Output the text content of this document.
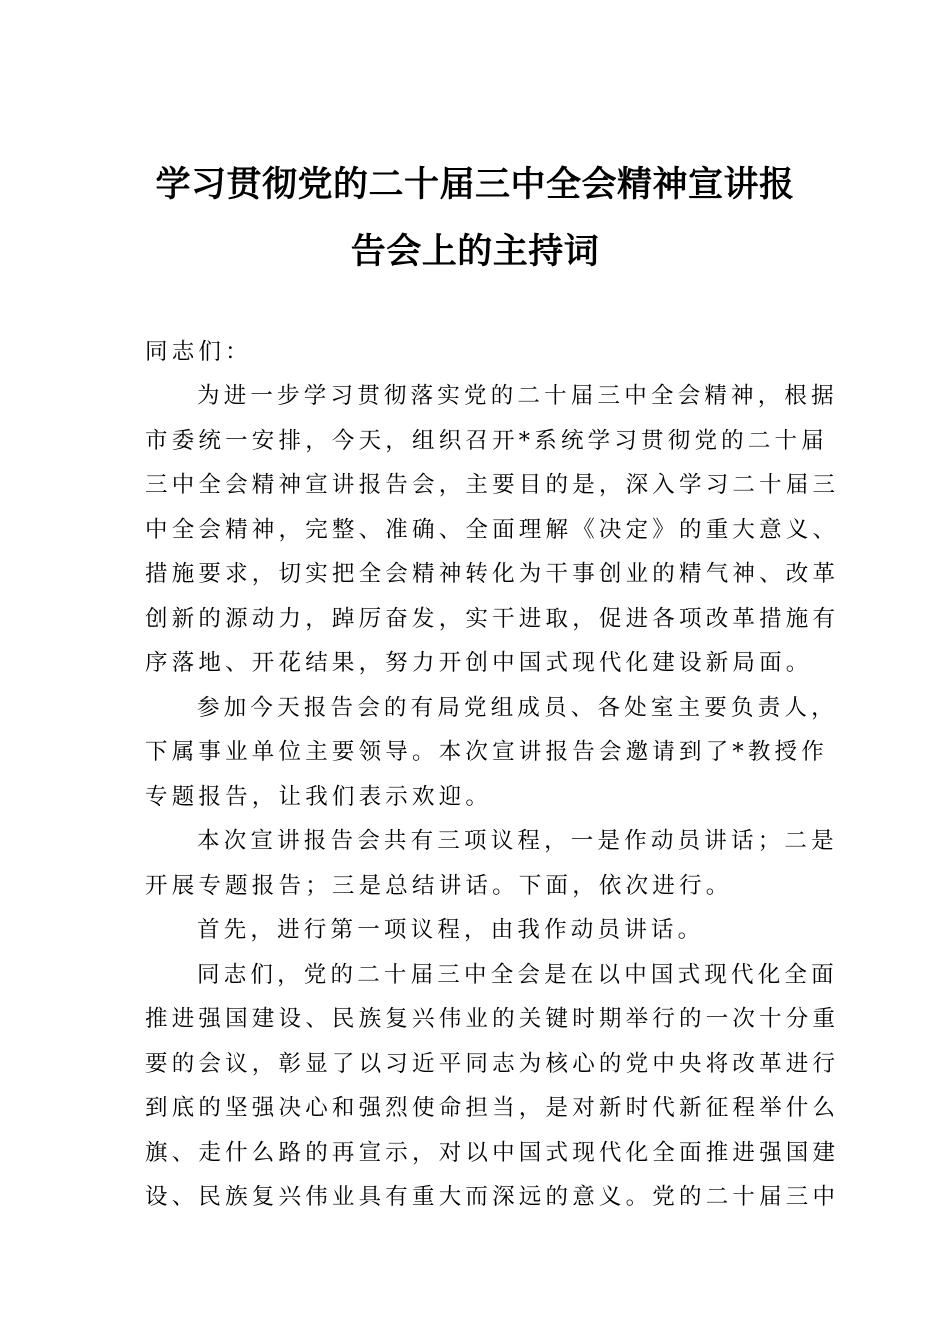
学习贯彻党的二十届三中全会精神宣讲报
告会上的主持词
同志们：
为进一步学习贯彻落实党的二十届三中全会精神，根据
市委统一安排，今天，组织召开*系统学习贯彻党的二十届
三中全会精神宣讲报告会，主要目的是，深入学习二十届三
中全会精神，完整、准确、全面理解《决定》的重大意义、
措施要求，切实把全会精神转化为干事创业的精气神、改革
创新的源动力，踔厉奋发，实干进取，促进各项改革措施有
序落地、开花结果，努力开创中国式现代化建设新局面。
参加今天报告会的有局党组成员、各处室主要负责人，
下属事业单位主要领导。本次宣讲报告会邀请到了*教授作
专题报告，让我们表示欢迎。
本次宣讲报告会共有三项议程，一是作动员讲话；二是
开展专题报告；三是总结讲话。下面，依次进行。
首先，进行第一项议程，由我作动员讲话。
同志们，党的二十届三中全会是在以中国式现代化全面
推进强国建设、民族复兴伟业的关键时期举行的一次十分重
要的会议，彰显了以习近平同志为核心的党中央将改革进行
到底的坚强决心和强烈使命担当，是对新时代新征程举什么
旗、走什么路的再宣示，对以中国式现代化全面推进强国建
设、民族复兴伟业具有重大而深远的意义。党的二十届三中
